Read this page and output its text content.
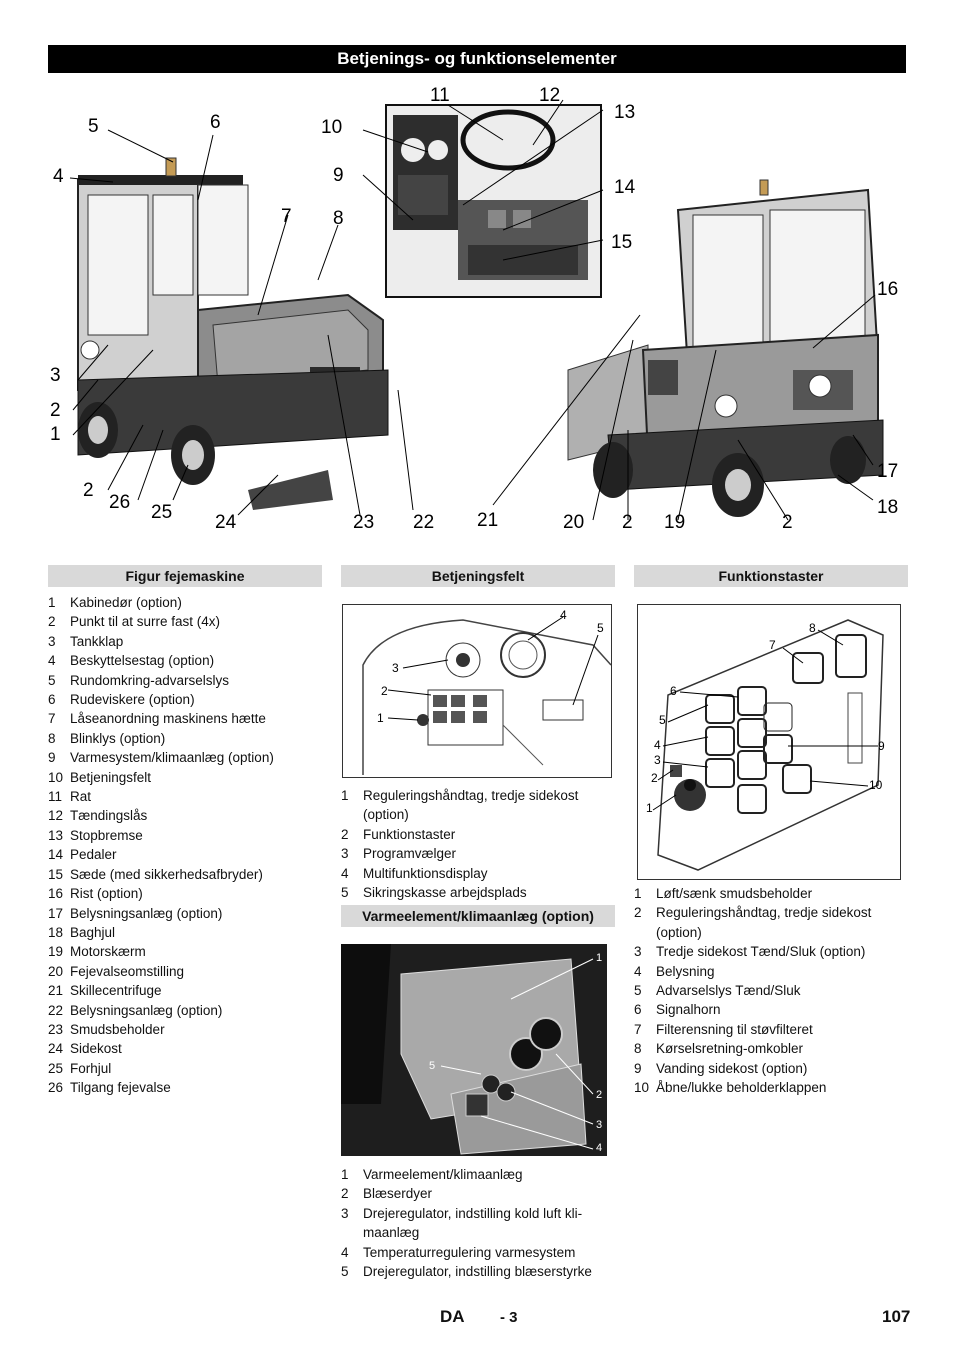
Betjenings- og funktionselementer
1
2
2
2	2
3
4
5	6
7 8
9
10
11	12
13
14
15
16
17
18
19
20
21
22
23
24
25
26
Figur fejemaskine
1	Kabinedør (option)
2	Punkt til at surre fast (4x)
3	Tankklap
4	Beskyttelsestag (option)
5	Rundomkring-advarselslys
6	Rudeviskere (option)
7	Låseanordning maskinens hætte
8	Blinklys (option)
9	Varmesystem/klimaanlæg (option)
10 Betjeningsfelt
11 Rat
12 Tændingslås
13 Stopbremse
14 Pedaler
15 Sæde (med sikkerhedsafbryder)
16 Rist (option)
17 Belysningsanlæg (option)
18 Baghjul
19 Motorskærm
20 Fejevalseomstilling
21 Skillecentrifuge
22 Belysningsanlæg (option)
23 Smudsbeholder
24 Sidekost
25 Forhjul
26 Tilgang fejevalse
Betjeningsfelt
1
2
3
4
5
1	Reguleringshåndtag, tredje sidekost (option)
2	Funktionstaster
3	Programvælger
4	Multifunktionsdisplay
5	Sikringskasse arbejdsplads
Varmeelement/klimaanlæg (option)
1
2
3
4
5
1	Varmeelement/klimaanlæg
2	Blæserdyer
3	Drejeregulator, indstilling kold luft kli-maanlæg
4	Temperaturregulering varmesystem
5	Drejeregulator, indstilling blæserstyrke
Funktionstaster
1
2
3
4
5
6
7
8
9
10
1	Løft/sænk smudsbeholder
2	Reguleringshåndtag, tredje sidekost (option)
3	Tredje sidekost Tænd/Sluk (option)
4	Belysning
5	Advarselslys Tænd/Sluk
6	Signalhorn
7	Filterensning til støvfilteret
8	Kørselsretning-omkobler
9	Vanding sidekost (option)
10 Åbne/lukke beholderklappen
DA - 3	107
